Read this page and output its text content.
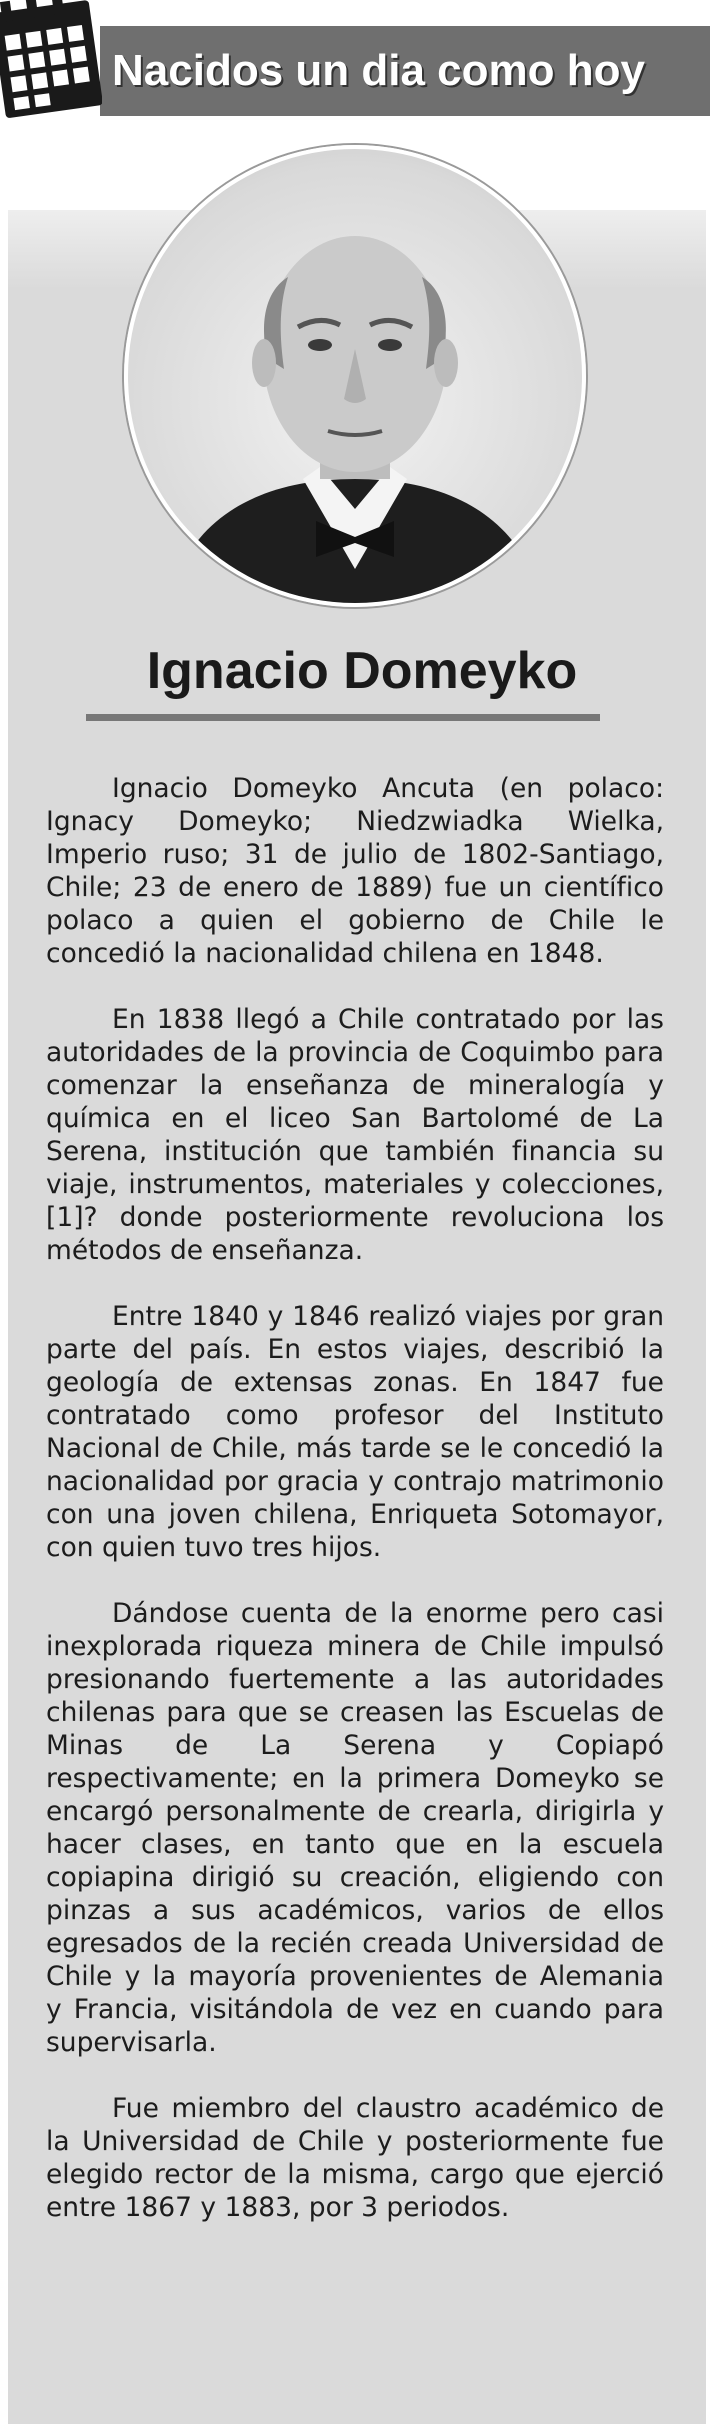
Nacidos un dia como hoy
Ignacio Domeyko

Ignacio Domeyko Ancuta (en polaco: Ignacy Domeyko; Niedzwiadka Wielka, Imperio ruso; 31 de julio de 1802-Santiago, Chile; 23 de enero de 1889) fue un científico polaco a quien el gobierno de Chile le concedió la nacionalidad chilena en 1848.

En 1838 llegó a Chile contratado por las autoridades de la provincia de Coquimbo para comenzar la enseñanza de mineralogía y química en el liceo San Bartolomé de La Serena, institución que también financia su viaje, instrumentos, materiales y colecciones,[1]? donde posteriormente revoluciona los métodos de enseñanza.

Entre 1840 y 1846 realizó viajes por gran parte del país. En estos viajes, describió la geología de extensas zonas. En 1847 fue contratado como profesor del Instituto Nacional de Chile, más tarde se le concedió la nacionalidad por gracia y contrajo matrimonio con una joven chilena, Enriqueta Sotomayor, con quien tuvo tres hijos.

Dándose cuenta de la enorme pero casi inexplorada riqueza minera de Chile impulsó presionando fuertemente a las autoridades chilenas para que se creasen las Escuelas de Minas de La Serena y Copiapó respectivamente; en la primera Domeyko se encargó personalmente de crearla, dirigirla y hacer clases, en tanto que en la escuela copiapina dirigió su creación, eligiendo con pinzas a sus académicos, varios de ellos egresados de la recién creada Universidad de Chile y la mayoría provenientes de Alemania y Francia, visitándola de vez en cuando para supervisarla.

Fue miembro del claustro académico de la Universidad de Chile y posteriormente fue elegido rector de la misma, cargo que ejerció entre 1867 y 1883, por 3 periodos.
